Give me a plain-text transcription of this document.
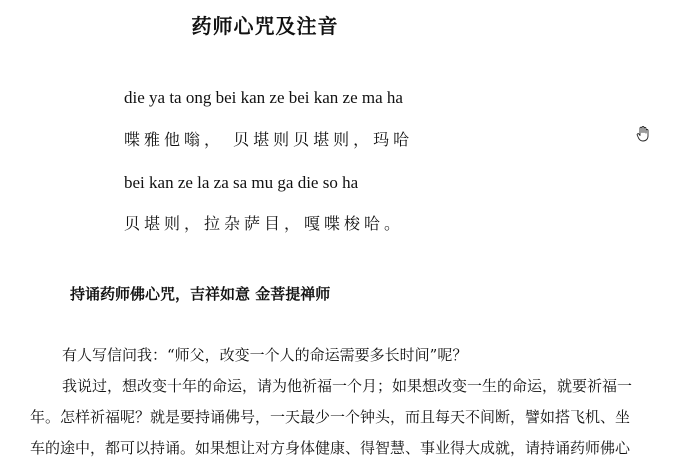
药师心咒及注音
die ya ta ong bei kan ze bei kan ze ma ha
喋雅他嗡， 贝堪则贝堪则，玛哈
bei kan ze la za sa mu ga die so ha
贝堪则，拉杂萨目，嘎喋梭哈。
持诵药师佛心咒，吉祥如意 金菩提禅师
有人写信问我：“师父，改变一个人的命运需要多长时间”呢？
我说过，想改变十年的命运，请为他祈福一个月；如果想改变一生的命运，就要祈福一
年。怎样祈福呢？就是要持诵佛号，一天最少一个钟头，而且每天不间断，譬如搭飞机、坐
车的途中，都可以持诵。如果想让对方身体健康、得智慧、事业得大成就，请持诵药师佛心
